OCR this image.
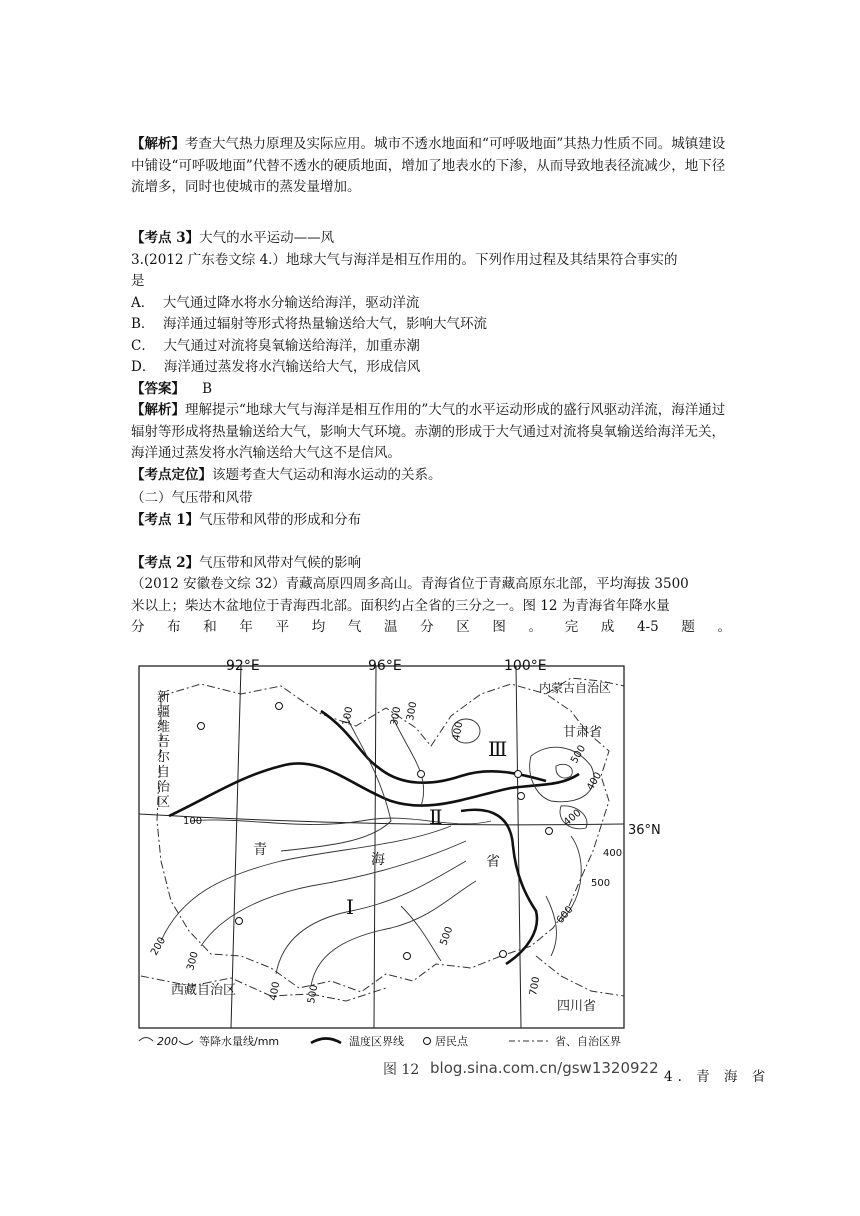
【解析】考查大气热力原理及实际应用。城市不透水地面和“可呼吸地面”其热力性质不同。城镇建设中铺设“可呼吸地面”代替不透水的硬质地面，增加了地表水的下渗，从而导致地表径流减少，地下径流增多，同时也使城市的蒸发量增加。

【考点 3】大气的水平运动——风

3.(2012 广东卷文综 4.）地球大气与海洋是相互作用的。下列作用过程及其结果符合事实的

是

A． 大气通过降水将水分输送给海洋，驱动洋流

B． 海洋通过辐射等形式将热量输送给大气，影响大气环流

C． 大气通过对流将臭氧输送给海洋，加重赤潮

D． 海洋通过蒸发将水汽输送给大气，形成信风

【答案】 B

【解析】理解提示“地球大气与海洋是相互作用的”大气的水平运动形成的盛行风驱动洋流，海洋通过辐射等形成将热量输送给大气，影响大气环境。赤潮的形成于大气通过对流将臭氧输送给海洋无关，海洋通过蒸发将水汽输送给大气这不是信风。

【考点定位】该题考查大气运动和海水运动的关系。

（二）气压带和风带

【考点 1】气压带和风带的形成和分布

【考点 2】气压带和风带对气候的影响

（2012 安徽卷文综 32）青藏高原四周多高山。青海省位于青藏高原东北部，平均海拔 3500

米以上；柴达木盆地位于青海西北部。面积约占全省的三分之一。图 12 为青海省年降水量

分 布 和 年 平 均 气 温 分 区 图 。 完 成 4-5 题 。
92°E	96°E	100°E
36°N
100
100
300 300
400
200
300
400 500
500
500
400
500
600
700
400
400
新
疆
维
吾
尔
自
治
区
内蒙古自治区
甘肃省
西藏自治区
四川省
青
海	省
Ⅰ
Ⅱ
Ⅲ
200 等降水量线/mm	温度区界线	居民点	省、自治区界
图 12 blog.sina.com.cn/gsw1320922 4. 青 海 省
